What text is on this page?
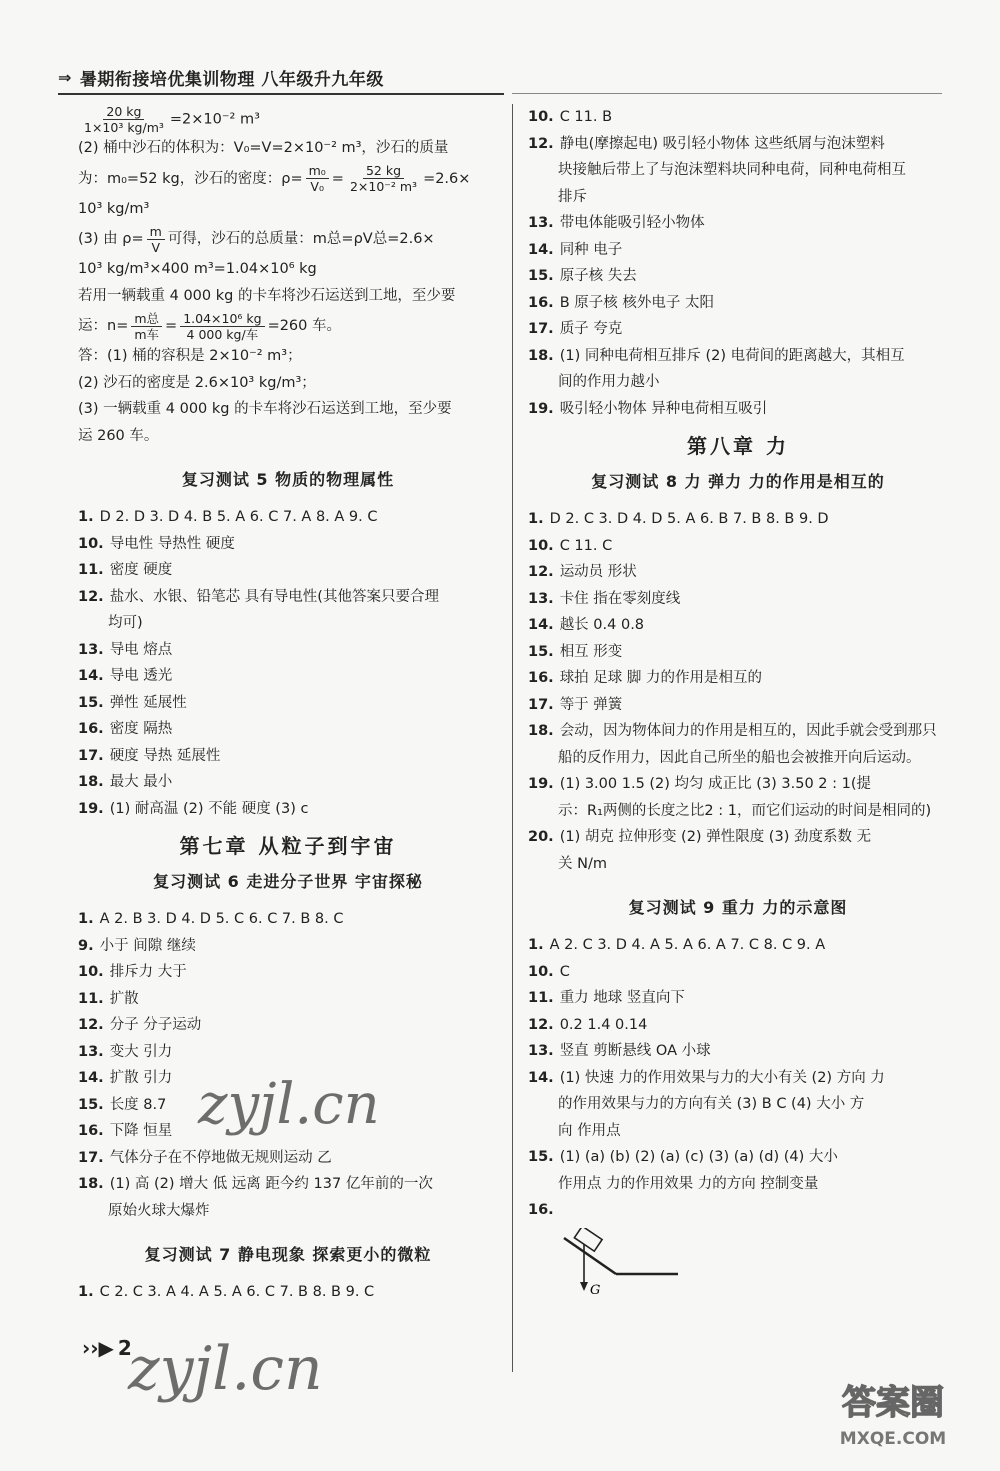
⇒ 暑期衔接培优集训物理 八年级升九年级
$\frac{20 kg}{\text{1×10³ kg/m³}} =2\times 10^{-2}$ m³
(2) 桶中沙石的体积为：V₀=V=2×10⁻² m³，沙石的质量
为：m₀=52 kg，沙石的密度：$\rho= \frac{\text{m₀}}{\text{V₀}} = \frac{52 kg}{\text{2×10⁻² m³}} =2.6\times$
10³ kg/m³
(3) 由 $\rho= \frac{m}{V}$ 可得，沙石的总质量：m总=ρV总=2.6×
10³ kg/m³×400 m³=1.04×10⁶ kg
若用一辆载重 4 000 kg 的卡车将沙石运送到工地，至少要
运：$n= \frac{\text{m总}}{\text{m车}} = \frac{\text{1.04×10⁶ kg}}{\text{4 000 kg/车}} =260$ 车。
答：(1) 桶的容积是 2×10⁻² m³；
(2) 沙石的密度是 2.6×10³ kg/m³；
(3) 一辆载重 4 000 kg 的卡车将沙石运送到工地，至少要
运 260 车。
复习测试 5 物质的物理属性
1. D 2. D 3. D 4. B 5. A 6. C 7. A 8. A 9. C
10. 导电性 导热性 硬度
11. 密度 硬度
12. 盐水、水银、铅笔芯 具有导电性(其他答案只要合理
均可)
13. 导电 熔点
14. 导电 透光
15. 弹性 延展性
16. 密度 隔热
17. 硬度 导热 延展性
18. 最大 最小
19. (1) 耐高温 (2) 不能 硬度 (3) c
第七章 从粒子到宇宙
复习测试 6 走进分子世界 宇宙探秘
1. A 2. B 3. D 4. D 5. C 6. C 7. B 8. C
9. 小于 间隙 继续
10. 排斥力 大于
11. 扩散
12. 分子 分子运动
13. 变大 引力
14. 扩散 引力
15. 长度 8.7
16. 下降 恒星
17. 气体分子在不停地做无规则运动 乙
18. (1) 高 (2) 增大 低 远离 距今约 137 亿年前的一次
原始火球大爆炸
复习测试 7 静电现象 探索更小的微粒
1. C 2. C 3. A 4. A 5. A 6. C 7. B 8. B 9. C
10. C 11. B
12. 静电(摩擦起电) 吸引轻小物体 这些纸屑与泡沫塑料
块接触后带上了与泡沫塑料块同种电荷，同种电荷相互
排斥
13. 带电体能吸引轻小物体
14. 同种 电子
15. 原子核 失去
16. B 原子核 核外电子 太阳
17. 质子 夸克
18. (1) 同种电荷相互排斥 (2) 电荷间的距离越大，其相互
间的作用力越小
19. 吸引轻小物体 异种电荷相互吸引
第八章 力
复习测试 8 力 弹力 力的作用是相互的
1. D 2. C 3. D 4. D 5. A 6. B 7. B 8. B 9. D
10. C 11. C
12. 运动员 形状
13. 卡住 指在零刻度线
14. 越长 0.4 0.8
15. 相互 形变
16. 球拍 足球 脚 力的作用是相互的
17. 等于 弹簧
18. 会动，因为物体间力的作用是相互的，因此手就会受到那只
船的反作用力，因此自己所坐的船也会被推开向后运动。
19. (1) 3.00 1.5 (2) 均匀 成正比 (3) 3.50 2 : 1(提
示：R₁两侧的长度之比2 : 1，而它们运动的时间是相同的)
20. (1) 胡克 拉伸形变 (2) 弹性限度 (3) 劲度系数 无
关 N/m
复习测试 9 重力 力的示意图
1. A 2. C 3. D 4. A 5. A 6. A 7. C 8. C 9. A
10. C
11. 重力 地球 竖直向下
12. 0.2 1.4 0.14
13. 竖直 剪断悬线 OA 小球
14. (1) 快速 力的作用效果与力的大小有关 (2) 方向 力
的作用效果与力的方向有关 (3) B C (4) 大小 方
向 作用点
15. (1) (a) (b) (2) (a) (c) (3) (a) (d) (4) 大小
作用点 力的作用效果 力的方向 控制变量
16.
G
››▶ 2
zyjl.cn
zyjl.cn	答案圈
MXQE.COM
